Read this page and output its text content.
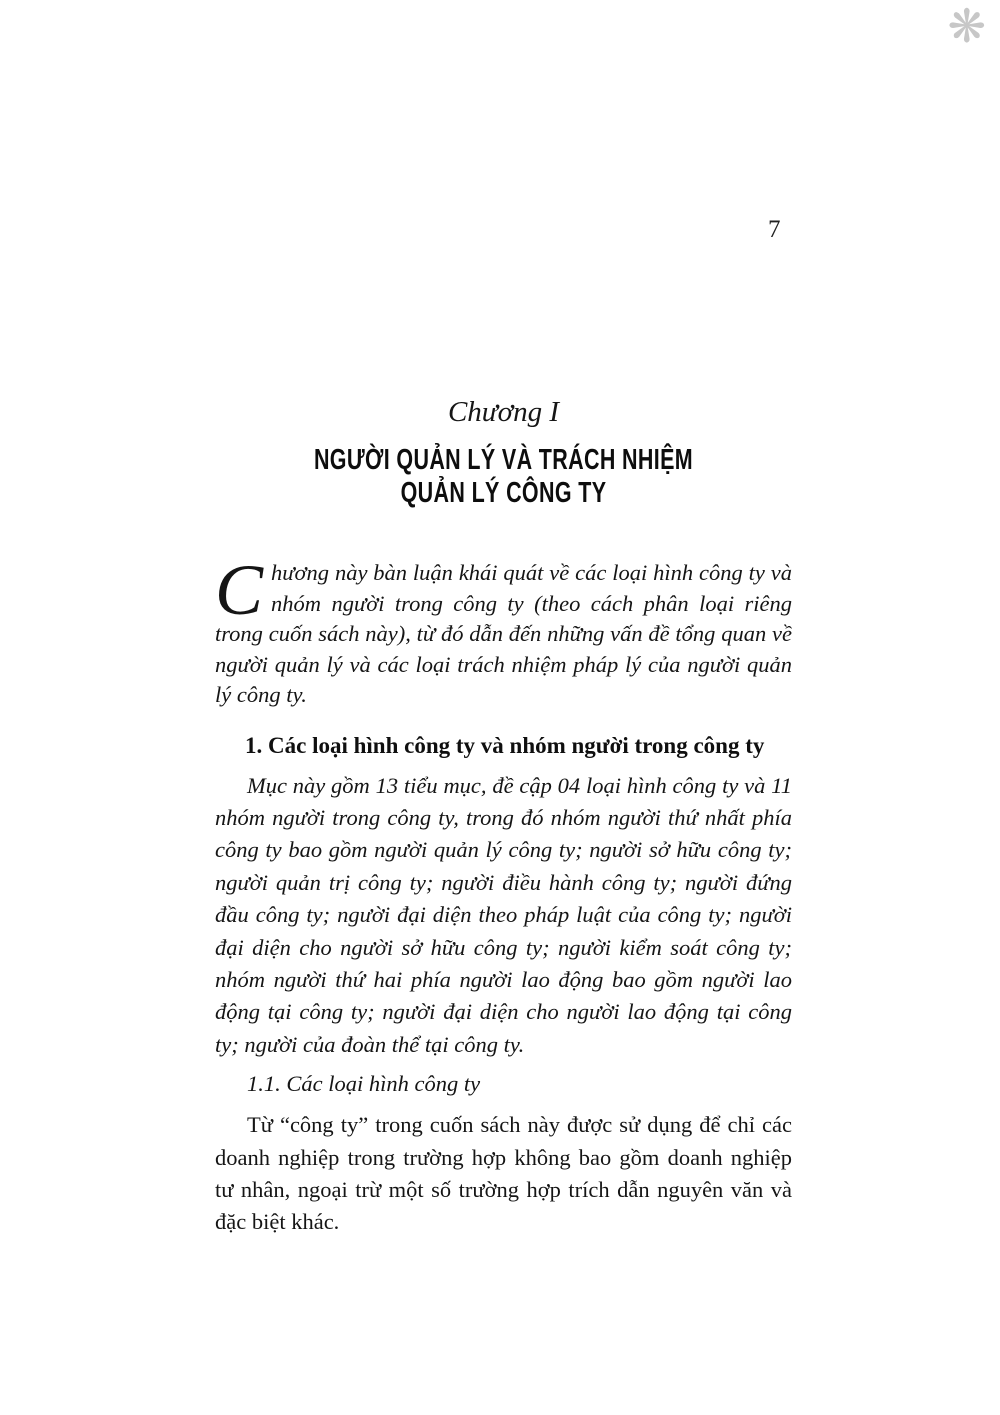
❋
7
Chương I
NGƯỜI QUẢN LÝ VÀ TRÁCH NHIỆM
QUẢN LÝ CÔNG TY

C hương này bàn luận khái quát về các loại hình công ty và nhóm người trong công ty (theo cách phân loại riêng trong cuốn sách này), từ đó dẫn đến những vấn đề tổng quan về người quản lý và các loại trách nhiệm pháp lý của người quản lý công ty.

1. Các loại hình công ty và nhóm người trong công ty

Mục này gồm 13 tiểu mục, đề cập 04 loại hình công ty và 11 nhóm người trong công ty, trong đó nhóm người thứ nhất phía công ty bao gồm người quản lý công ty; người sở hữu công ty; người quản trị công ty; người điều hành công ty; người đứng đầu công ty; người đại diện theo pháp luật của công ty; người đại diện cho người sở hữu công ty; người kiểm soát công ty; nhóm người thứ hai phía người lao động bao gồm người lao động tại công ty; người đại diện cho người lao động tại công ty; người của đoàn thể tại công ty.

1.1. Các loại hình công ty

Từ “công ty” trong cuốn sách này được sử dụng để chỉ các doanh nghiệp trong trường hợp không bao gồm doanh nghiệp tư nhân, ngoại trừ một số trường hợp trích dẫn nguyên văn và đặc biệt khác.
